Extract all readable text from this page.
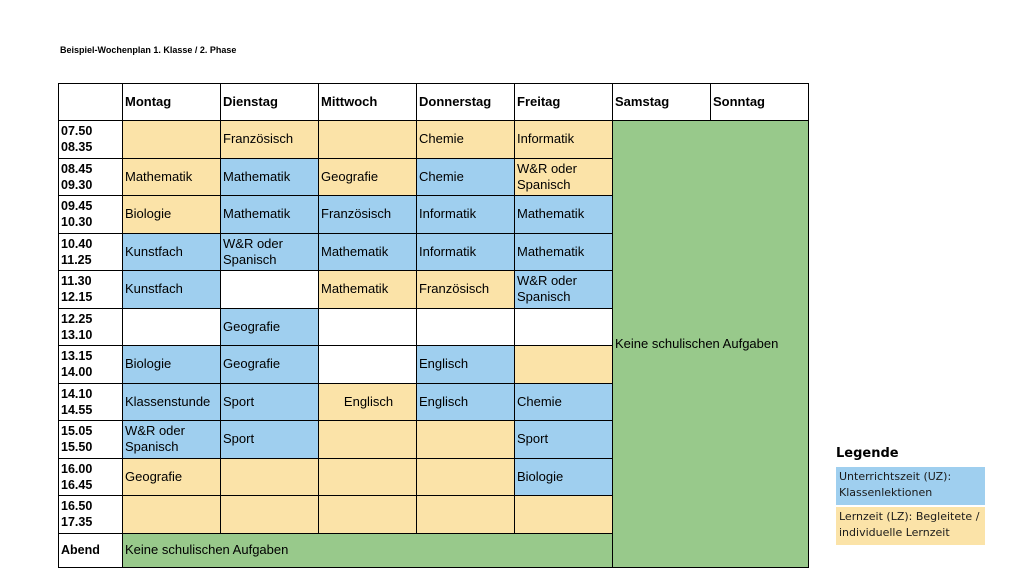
Beispiel-Wochenplan 1. Klasse / 2. Phase
	Montag	Dienstag	Mittwoch	Donnerstag	Freitag	Samstag	Sonntag

07.50
08.35		Französisch		Chemie	Informatik	Keine schulischen Aufgaben	

08.45
09.30	Mathematik	Mathematik	Geografie	Chemie	W&R oder Spanisch		

09.45
10.30	Biologie	Mathematik	Französisch	Informatik	Mathematik		

10.40
11.25	Kunstfach	W&R oder Spanisch	Mathematik	Informatik	Mathematik		

11.30
12.15	Kunstfach		Mathematik	Französisch	W&R oder Spanisch		

12.25
13.10		Geografie					

13.15
14.00	Biologie	Geografie		Englisch			

14.10
14.55	Klassenstunde	Sport	Englisch	Englisch	Chemie		

15.05
15.50	W&R oder Spanisch	Sport			Sport		

16.00
16.45	Geografie				Biologie		

16.50
17.35							

Abend	Keine schulischen Aufgaben						
Legende
Unterrichtszeit (UZ): Klassenlektionen
Lernzeit (LZ): Begleitete / individuelle Lernzeit
